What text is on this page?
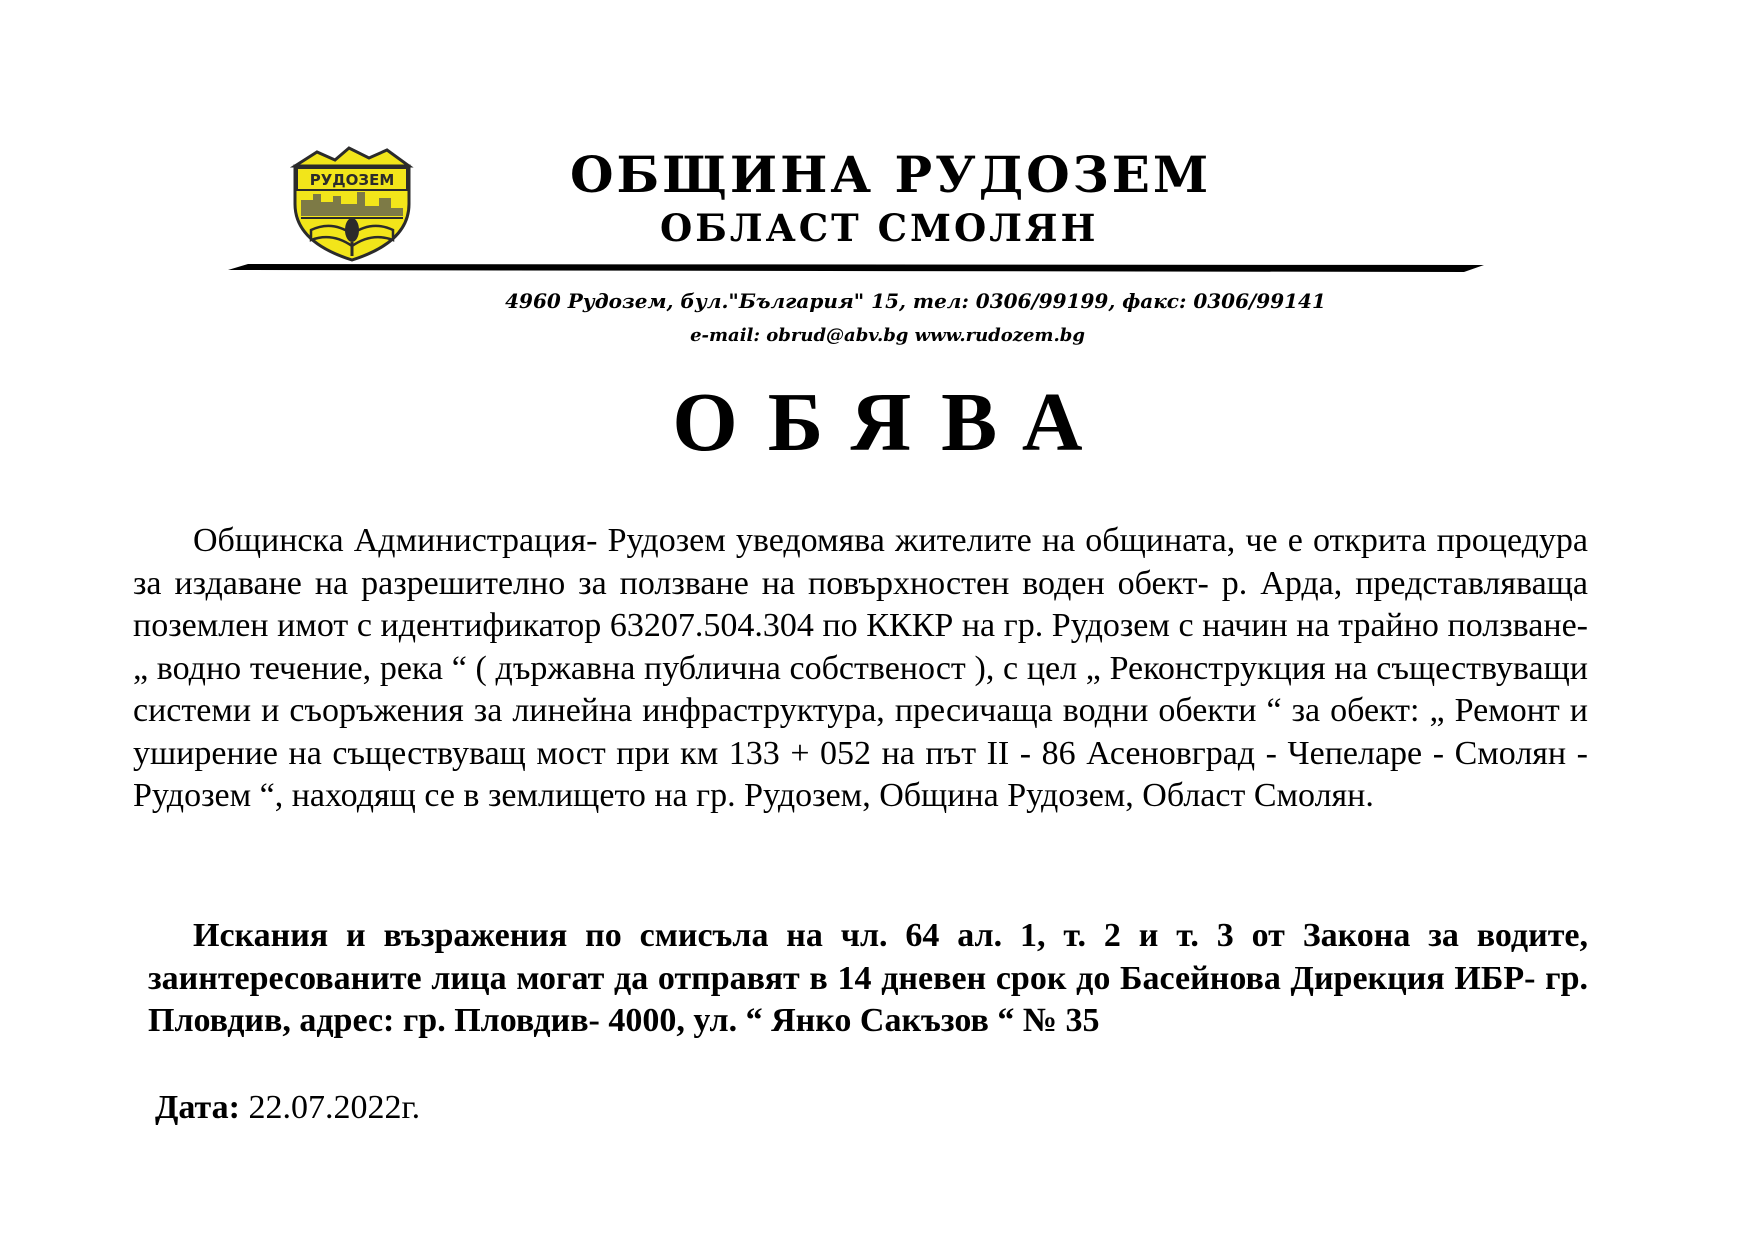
РУДОЗЕМ	ОБЩИНА РУДОЗЕМ
ОБЛАСТ СМОЛЯН
4960 Рудозем, бул."България" 15, тел: 0306/99199, факс: 0306/99141
e-mail: obrud@abv.bg www.rudozem.bg
ОБЯВА

Общинска Администрация- Рудозем уведомява жителите на общината, че е открита процедура за издаване на разрешително за ползване на повърхностен воден обект- р. Арда, представляваща поземлен имот с идентификатор 63207.504.304 по КККР на гр. Рудозем с начин на трайно ползване- „ водно течение, река “ ( държавна публична собственост ), с цел „ Реконструкция на съществуващи системи и съоръжения за линейна инфраструктура, пресичаща водни обекти “ за обект: „ Ремонт и уширение на съществуващ мост при км 133 + 052 на път II - 86 Асеновград - Чепеларе - Смолян - Рудозем “, находящ се в землището на гр. Рудозем, Община Рудозем, Област Смолян.

Искания и възражения по смисъла на чл. 64 ал. 1, т. 2 и т. 3 от Закона за водите, заинтересованите лица могат да отправят в 14 дневен срок до Басейнова Дирекция ИБР- гр. Пловдив, адрес: гр. Пловдив- 4000, ул. “ Янко Сакъзов “ № 35

Дата: 22.07.2022г.
